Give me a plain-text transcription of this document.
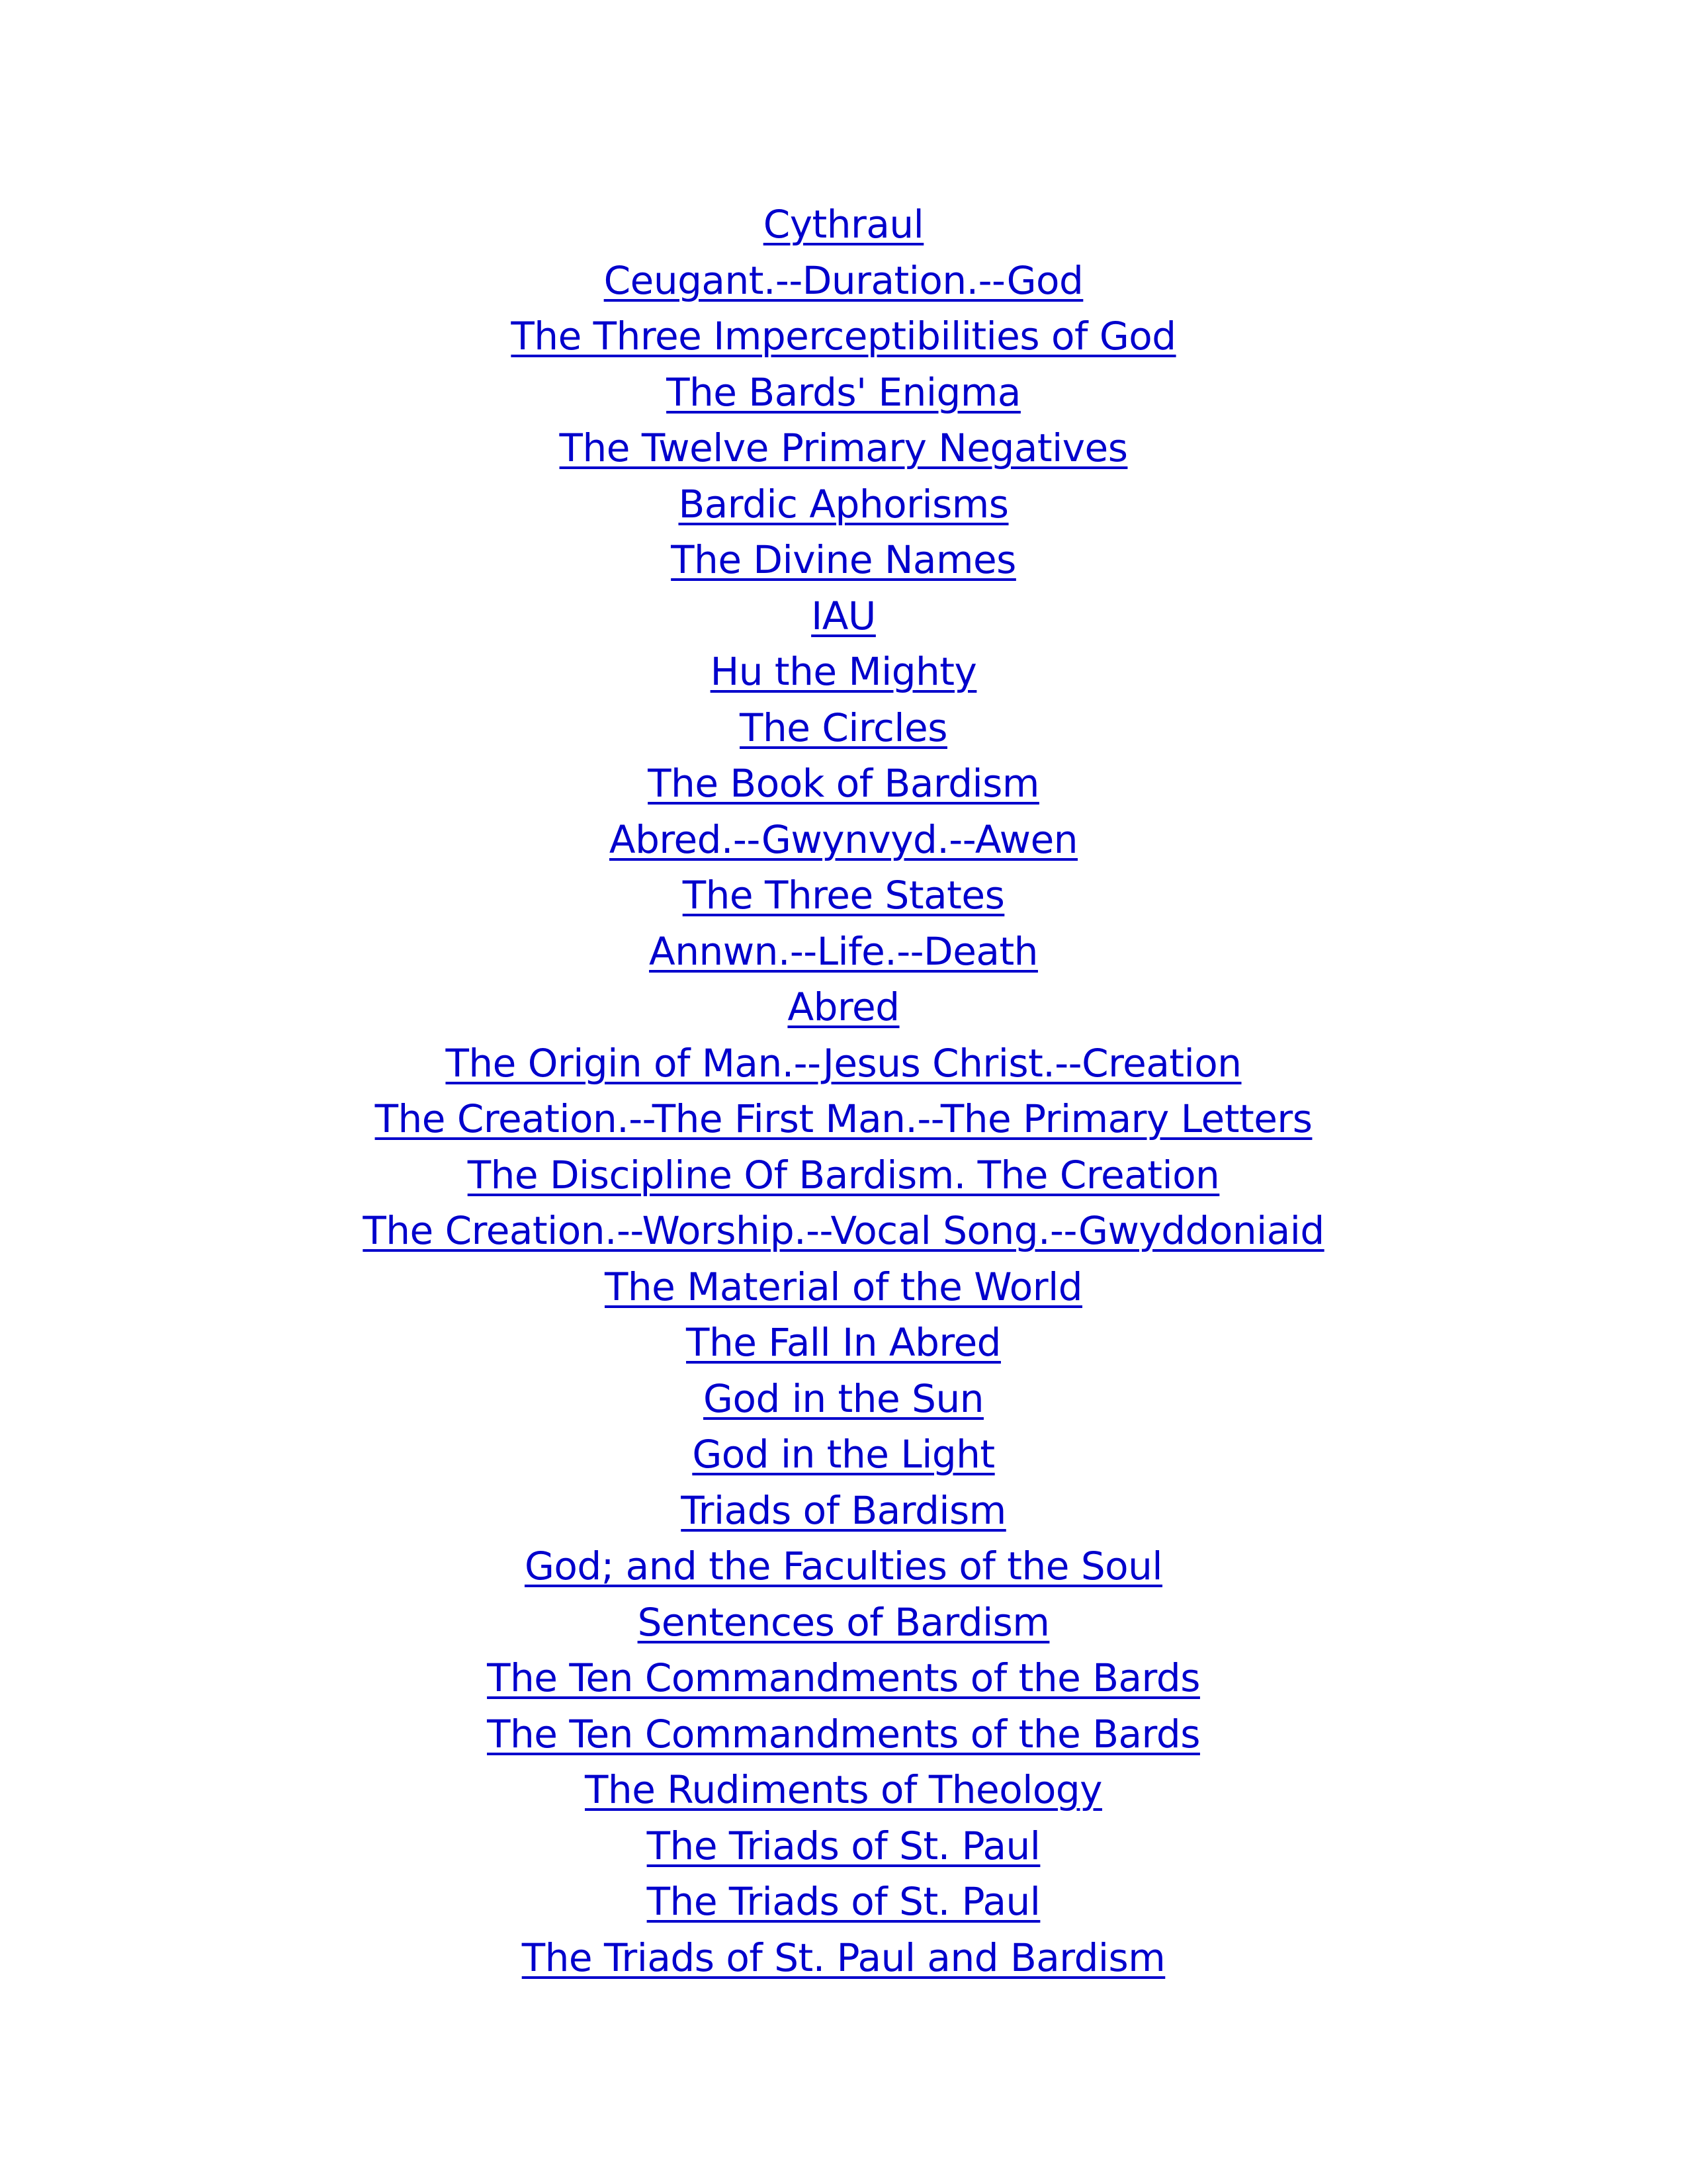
Cythraul
Ceugant.--Duration.--God
The Three Imperceptibilities of God
The Bards' Enigma
The Twelve Primary Negatives
Bardic Aphorisms
The Divine Names
IAU
Hu the Mighty
The Circles
The Book of Bardism
Abred.--Gwynvyd.--Awen
The Three States
Annwn.--Life.--Death
Abred
The Origin of Man.--Jesus Christ.--Creation
The Creation.--The First Man.--The Primary Letters
The Discipline Of Bardism. The Creation
The Creation.--Worship.--Vocal Song.--Gwyddoniaid
The Material of the World
The Fall In Abred
God in the Sun
God in the Light
Triads of Bardism
God; and the Faculties of the Soul
Sentences of Bardism
The Ten Commandments of the Bards
The Ten Commandments of the Bards
The Rudiments of Theology
The Triads of St. Paul
The Triads of St. Paul
The Triads of St. Paul and Bardism
